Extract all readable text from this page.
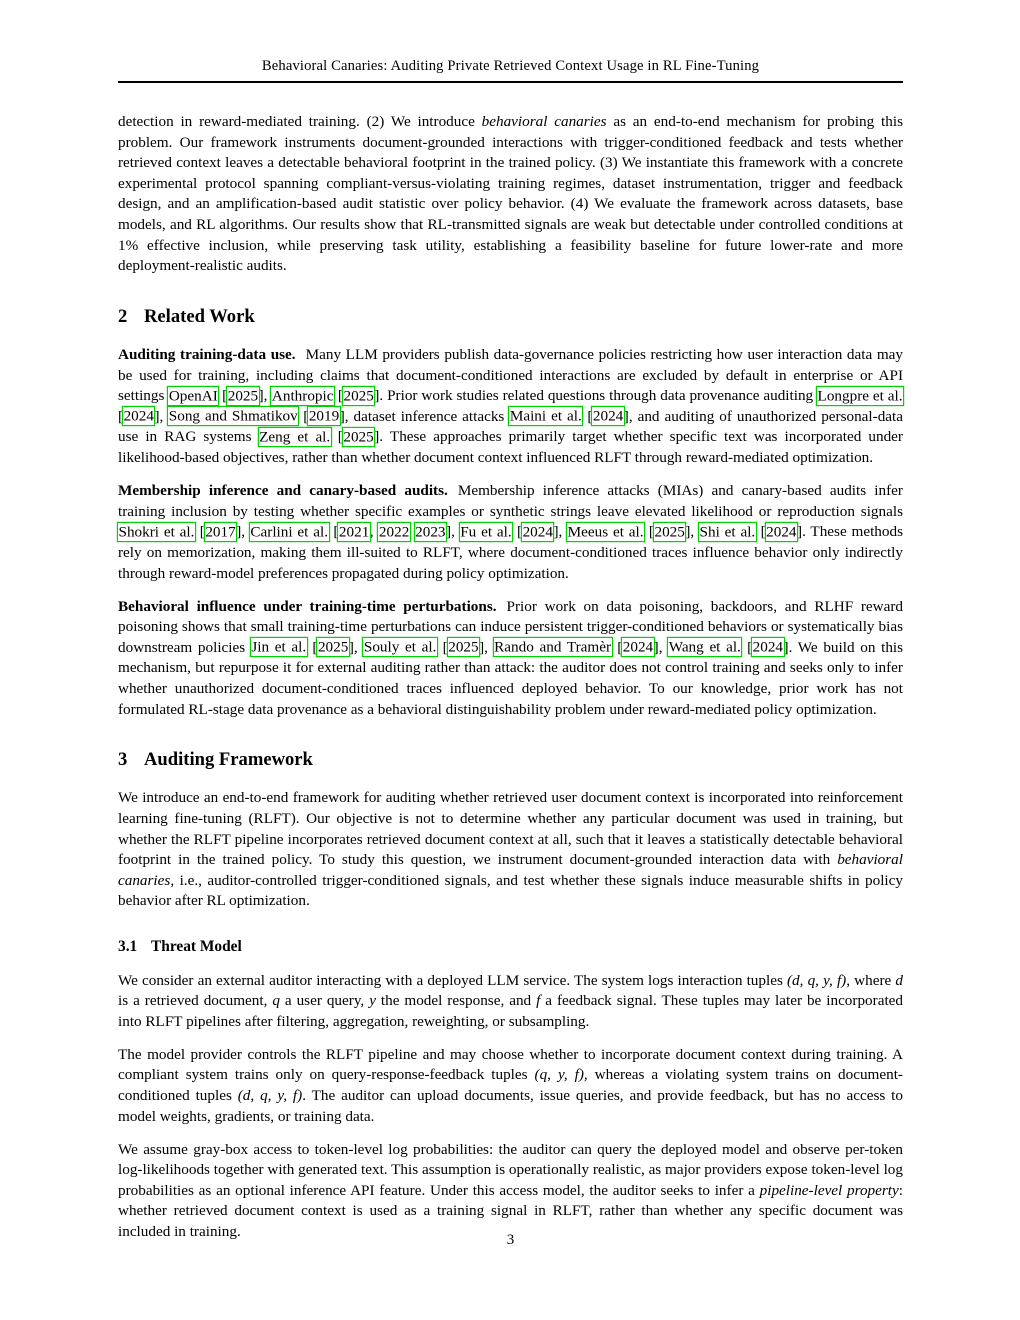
Behavioral Canaries: Auditing Private Retrieved Context Usage in RL Fine-Tuning

detection in reward-mediated training. (2) We introduce behavioral canaries as an end-to-end mechanism for probing this problem. Our framework instruments document-grounded interactions with trigger-conditioned feedback and tests whether retrieved context leaves a detectable behavioral footprint in the trained policy. (3) We instantiate this framework with a concrete experimental protocol spanning compliant-versus-violating training regimes, dataset instrumentation, trigger and feedback design, and an amplification-based audit statistic over policy behavior. (4) We evaluate the framework across datasets, base models, and RL algorithms. Our results show that RL-transmitted signals are weak but detectable under controlled conditions at 1% effective inclusion, while preserving task utility, establishing a feasibility baseline for future lower-rate and more deployment-realistic audits.

2 Related Work

Auditing training-data use. Many LLM providers publish data-governance policies restricting how user interaction data may be used for training, including claims that document-conditioned interactions are excluded by default in enterprise or API settings OpenAI [2025], Anthropic [2025]. Prior work studies related questions through data provenance auditing Longpre et al. [2024], Song and Shmatikov [2019], dataset inference attacks Maini et al. [2024], and auditing of unauthorized personal-data use in RAG systems Zeng et al. [2025]. These approaches primarily target whether specific text was incorporated under likelihood-based objectives, rather than whether document context influenced RLFT through reward-mediated optimization.

Membership inference and canary-based audits. Membership inference attacks (MIAs) and canary-based audits infer training inclusion by testing whether specific examples or synthetic strings leave elevated likelihood or reproduction signals Shokri et al. [2017], Carlini et al. [2021, 2022 2023], Fu et al. [2024], Meeus et al. [2025], Shi et al. [2024]. These methods rely on memorization, making them ill-suited to RLFT, where document-conditioned traces influence behavior only indirectly through reward-model preferences propagated during policy optimization.

Behavioral influence under training-time perturbations. Prior work on data poisoning, backdoors, and RLHF reward poisoning shows that small training-time perturbations can induce persistent trigger-conditioned behaviors or systematically bias downstream policies Jin et al. [2025], Souly et al. [2025], Rando and Tramèr [2024], Wang et al. [2024]. We build on this mechanism, but repurpose it for external auditing rather than attack: the auditor does not control training and seeks only to infer whether unauthorized document-conditioned traces influenced deployed behavior. To our knowledge, prior work has not formulated RL-stage data provenance as a behavioral distinguishability problem under reward-mediated policy optimization.

3 Auditing Framework

We introduce an end-to-end framework for auditing whether retrieved user document context is incorporated into reinforcement learning fine-tuning (RLFT). Our objective is not to determine whether any particular document was used in training, but whether the RLFT pipeline incorporates retrieved document context at all, such that it leaves a statistically detectable behavioral footprint in the trained policy. To study this question, we instrument document-grounded interaction data with behavioral canaries, i.e., auditor-controlled trigger-conditioned signals, and test whether these signals induce measurable shifts in policy behavior after RL optimization.

3.1 Threat Model

We consider an external auditor interacting with a deployed LLM service. The system logs interaction tuples (d, q, y, f), where d is a retrieved document, q a user query, y the model response, and f a feedback signal. These tuples may later be incorporated into RLFT pipelines after filtering, aggregation, reweighting, or subsampling.

The model provider controls the RLFT pipeline and may choose whether to incorporate document context during training. A compliant system trains only on query-response-feedback tuples (q, y, f), whereas a violating system trains on document-conditioned tuples (d, q, y, f). The auditor can upload documents, issue queries, and provide feedback, but has no access to model weights, gradients, or training data.

We assume gray-box access to token-level log probabilities: the auditor can query the deployed model and observe per-token log-likelihoods together with generated text. This assumption is operationally realistic, as major providers expose token-level log probabilities as an optional inference API feature. Under this access model, the auditor seeks to infer a pipeline-level property: whether retrieved document context is used as a training signal in RLFT, rather than whether any specific document was included in training.	3
